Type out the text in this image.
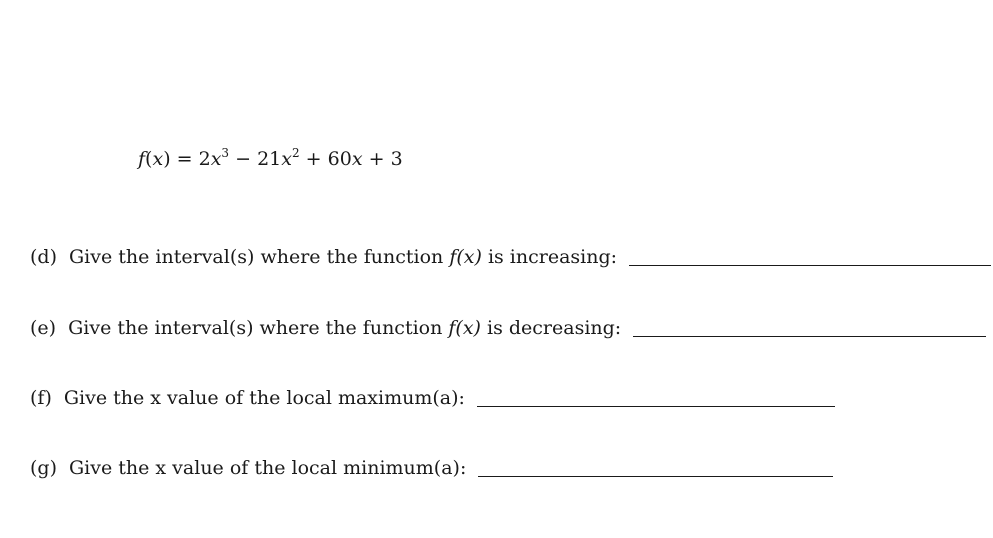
$f(x) = 2x^3 - 21x^2 + 60x + 3$
(d) Give the interval(s) where the function f(x) is increasing:
(e) Give the interval(s) where the function f(x) is decreasing:
(f) Give the x value of the local maximum(a):
(g) Give the x value of the local minimum(a):
